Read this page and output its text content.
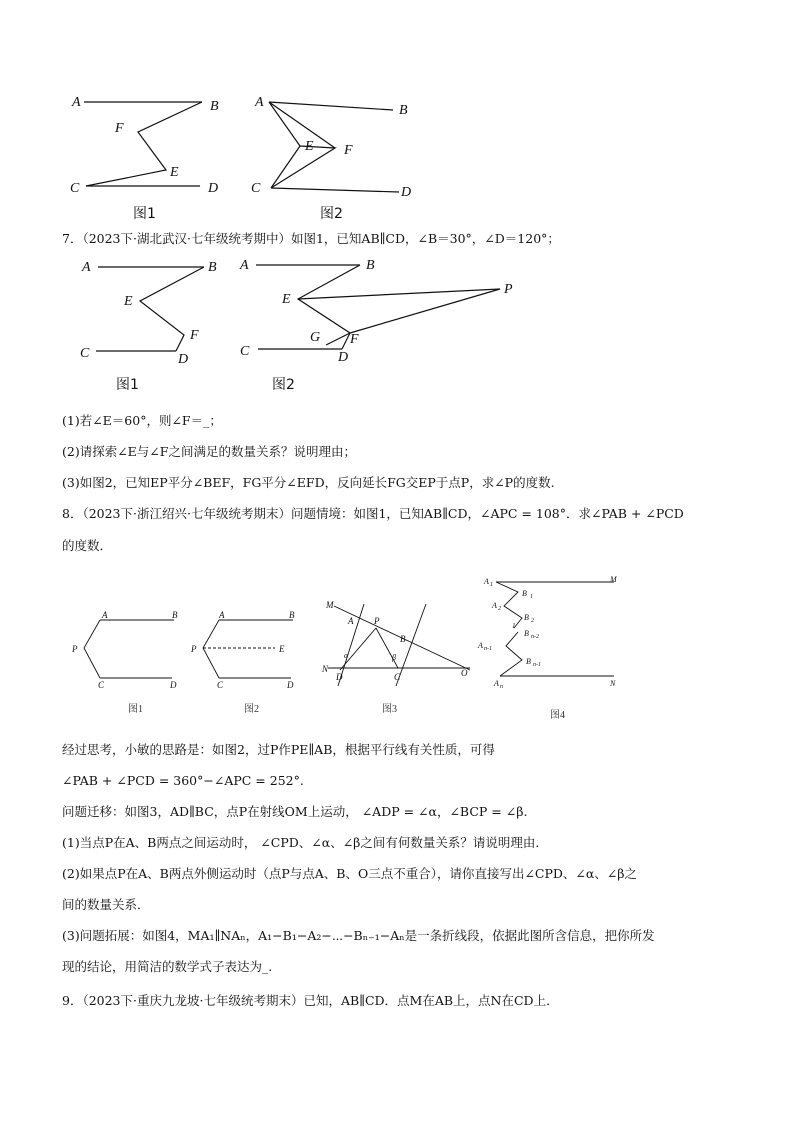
A	B
F
E
C	D
图1
A
B
E F
C	D
图2
7．（2023下·湖北武汉·七年级统考期中）如图1，已知AB∥CD，∠B＝30°，∠D＝120°；
A	B
E
F
C	D
图1
A	B
E
P
G F
C	D
图2
(1)若∠E＝60°，则∠F＝_；
(2)请探索∠E与∠F之间满足的数量关系？说明理由；
(3)如图2，已知EP平分∠BEF，FG平分∠EFD，反向延长FG交EP于点P，求∠P的度数.
8．（2023下·浙江绍兴·七年级统考期末）问题情境：如图1，已知AB∥CD，∠APC = 108°．求∠PAB + ∠PCD
的度数．
A	B
P
C	D
图1
A	B
P	E
C	D
图2
M
N
A P
B
O
D	C
α	β
图3
A 1
B 1
A 2
B 2
1
B n-2
A n-1
B n-1
A n
M
N
图4
经过思考，小敏的思路是：如图2，过P作PE∥AB，根据平行线有关性质，可得
∠PAB + ∠PCD = 360°−∠APC = 252°.
问题迁移：如图3，AD∥BC，点P在射线OM上运动， ∠ADP = ∠α，∠BCP = ∠β.
(1)当点P在A、B两点之间运动时， ∠CPD、∠α、∠β之间有何数量关系？请说明理由．
(2)如果点P在A、B两点外侧运动时（点P与点A、B、O三点不重合），请你直接写出∠CPD、∠α、∠β之
间的数量关系．
(3)问题拓展：如图4，MA₁∥NAₙ，A₁−B₁−A₂−⋯−Bₙ₋₁−Aₙ是一条折线段，依据此图所含信息，把你所发
现的结论，用简洁的数学式子表达为_.
9．（2023下·重庆九龙坡·七年级统考期末）已知，AB∥CD．点M在AB上，点N在CD上．
